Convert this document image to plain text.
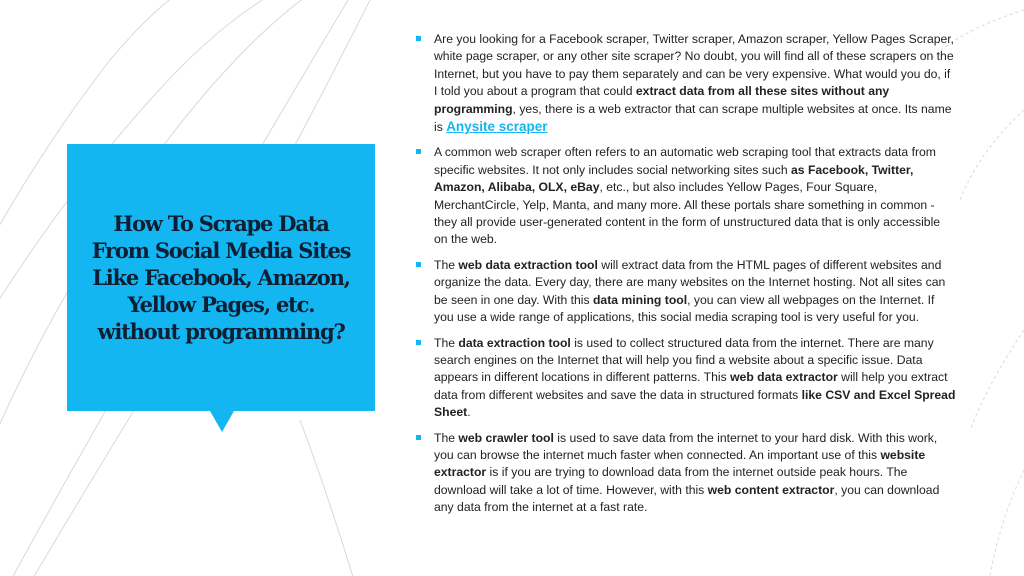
How To Scrape Data From Social Media Sites Like Facebook, Amazon, Yellow Pages, etc. without programming?
Are you looking for a Facebook scraper, Twitter scraper, Amazon scraper, Yellow Pages Scraper, white page scraper, or any other site scraper? No doubt, you will find all of these scrapers on the Internet, but you have to pay them separately and can be very expensive. What would you do, if I told you about a program that could extract data from all these sites without any programming, yes, there is a web extractor that can scrape multiple websites at once. Its name is Anysite scraper
A common web scraper often refers to an automatic web scraping tool that extracts data from specific websites. It not only includes social networking sites such as Facebook, Twitter, Amazon, Alibaba, OLX, eBay, etc., but also includes Yellow Pages, Four Square, MerchantCircle, Yelp, Manta, and many more. All these portals share something in common - they all provide user-generated content in the form of unstructured data that is only accessible on the web.
The web data extraction tool will extract data from the HTML pages of different websites and organize the data. Every day, there are many websites on the Internet hosting. Not all sites can be seen in one day. With this data mining tool, you can view all webpages on the Internet. If you use a wide range of applications, this social media scraping tool is very useful for you.
The data extraction tool is used to collect structured data from the internet. There are many search engines on the Internet that will help you find a website about a specific issue. Data appears in different locations in different patterns. This web data extractor will help you extract data from different websites and save the data in structured formats like CSV and Excel Spread Sheet.
The web crawler tool is used to save data from the internet to your hard disk. With this work, you can browse the internet much faster when connected. An important use of this website extractor is if you are trying to download data from the internet outside peak hours. The download will take a lot of time. However, with this web content extractor, you can download any data from the internet at a fast rate.
